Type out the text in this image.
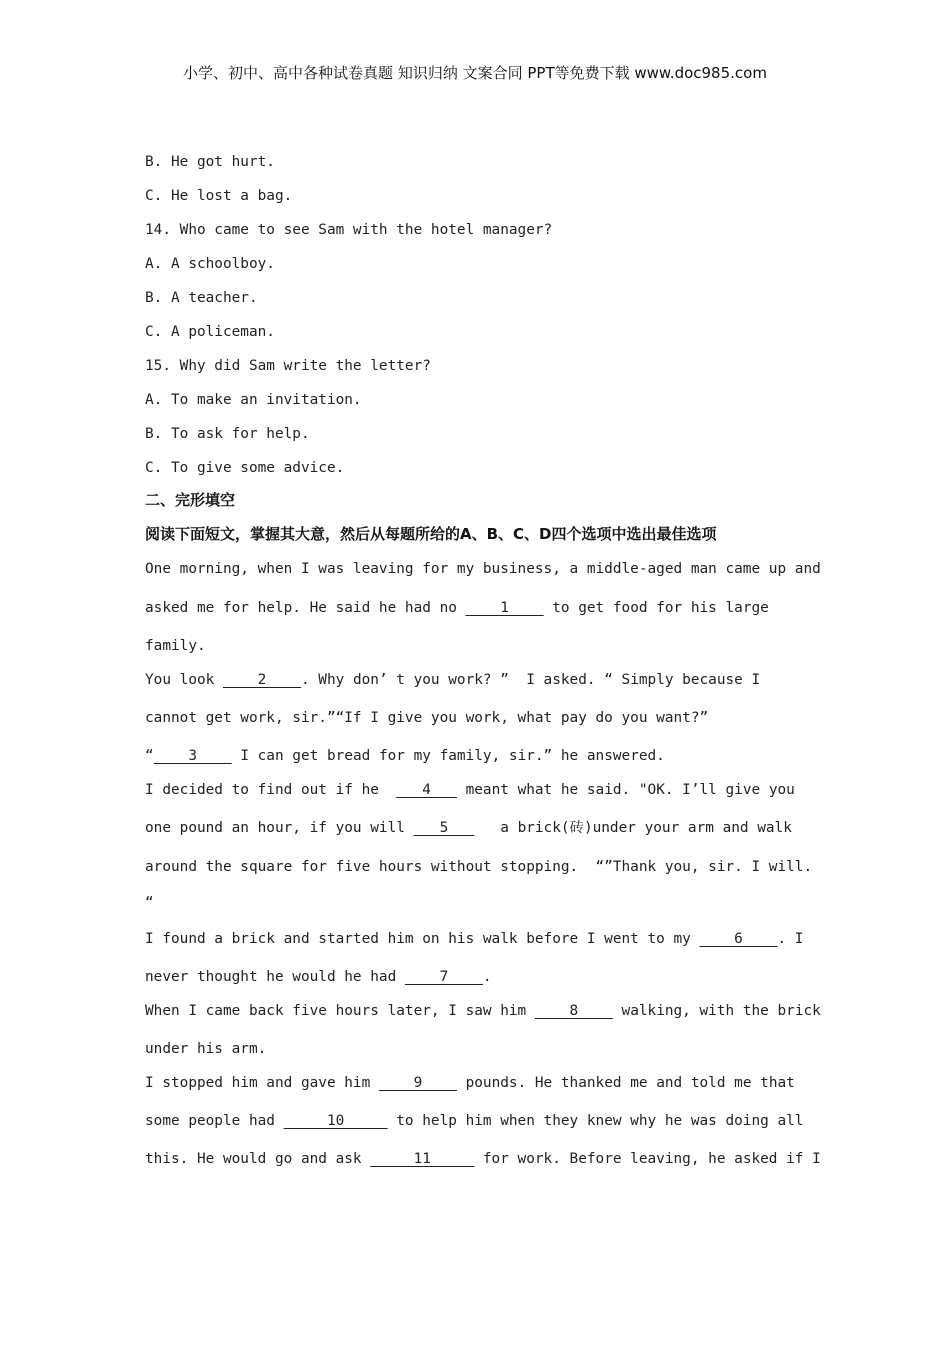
小学、初中、高中各种试卷真题 知识归纳 文案合同 PPT等免费下载 www.doc985.com

B. He got hurt.

C. He lost a bag.

14. Who came to see Sam with the hotel manager?

A. A schoolboy.

B. A teacher.

C. A policeman.

15. Why did Sam write the letter?

A. To make an invitation.

B. To ask for help.

C. To give some advice.

二、完形填空

阅读下面短文，掌握其大意，然后从每题所给的A、B、C、D四个选项中选出最佳选项

One morning, when I was leaving for my business, a middle-aged man came up and

asked me for help. He said he had no ____1____ to get food for his large

family.

You look ____2____. Why don’ t you work? ”  I asked. “ Simply because I

cannot get work, sir.”“If I give you work, what pay do you want?”

“____3____ I can get bread for my family, sir.” he answered.

I decided to find out if he  ___4___ meant what he said. "OK. I’ll give you

one pound an hour, if you will ___5___   a brick(砖)under your arm and walk

around the square for five hours without stopping.  “”Thank you, sir. I will.

“

I found a brick and started him on his walk before I went to my ____6____. I

never thought he would he had ____7____.

When I came back five hours later, I saw him ____8____ walking, with the brick

under his arm.

I stopped him and gave him ____9____ pounds. He thanked me and told me that

some people had _____10_____ to help him when they knew why he was doing all

this. He would go and ask _____11_____ for work. Before leaving, he asked if I
